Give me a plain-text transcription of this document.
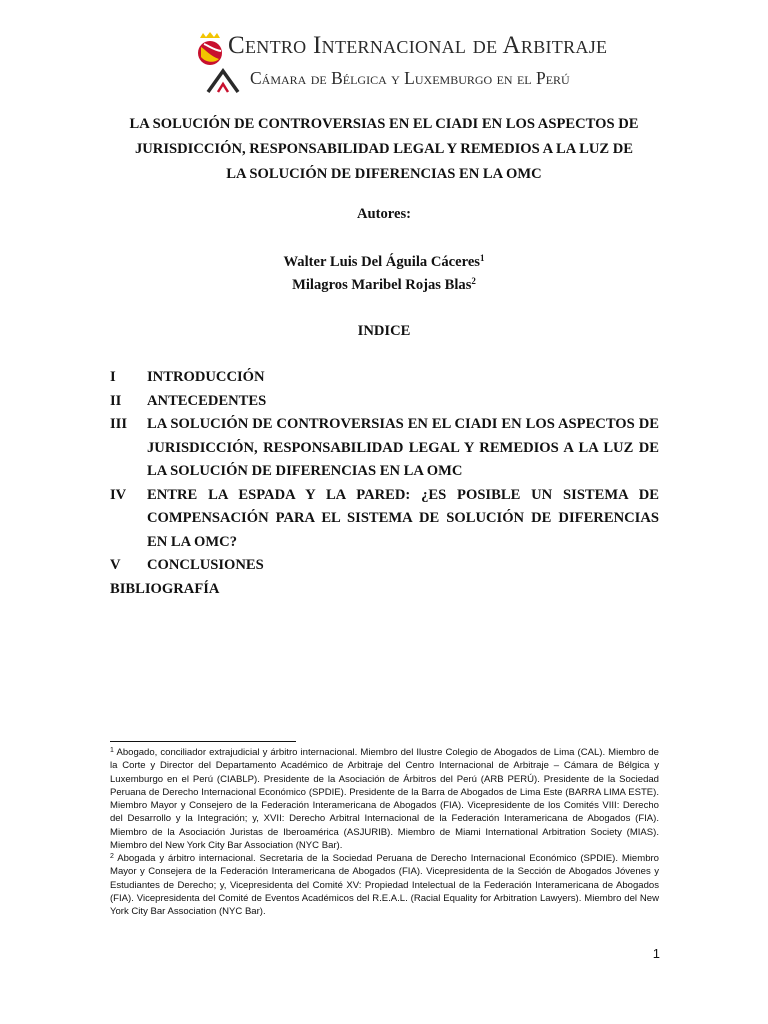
Centro Internacional de Arbitraje
Cámara de Bélgica y Luxemburgo en el Perú
LA SOLUCIÓN DE CONTROVERSIAS EN EL CIADI EN LOS ASPECTOS DE
JURISDICCIÓN, RESPONSABILIDAD LEGAL Y REMEDIOS A LA LUZ DE
LA SOLUCIÓN DE DIFERENCIAS EN LA OMC
Autores:
Walter Luis Del Águila Cáceres$^1$
Milagros Maribel Rojas Blas$^2$
INDICE
I	INTRODUCCIÓN
II	ANTECEDENTES
III	LA SOLUCIÓN DE CONTROVERSIAS EN EL CIADI EN LOS ASPECTOS DE JURISDICCIÓN, RESPONSABILIDAD LEGAL Y REMEDIOS A LA LUZ DE LA SOLUCIÓN DE DIFERENCIAS EN LA OMC
IV	ENTRE LA ESPADA Y LA PARED: ¿ES POSIBLE UN SISTEMA DE COMPENSACIÓN PARA EL SISTEMA DE SOLUCIÓN DE DIFERENCIAS EN LA OMC?
V	CONCLUSIONES
BIBLIOGRAFÍA

$^1$ Abogado, conciliador extrajudicial y árbitro internacional. Miembro del Ilustre Colegio de Abogados de Lima (CAL). Miembro de la Corte y Director del Departamento Académico de Arbitraje del Centro Internacional de Arbitraje – Cámara de Bélgica y Luxemburgo en el Perú (CIABLP). Presidente de la Asociación de Árbitros del Perú (ARB PERÚ). Presidente de la Sociedad Peruana de Derecho Internacional Económico (SPDIE). Presidente de la Barra de Abogados de Lima Este (BARRA LIMA ESTE). Miembro Mayor y Consejero de la Federación Interamericana de Abogados (FIA). Vicepresidente de los Comités VIII: Derecho del Desarrollo y la Integración; y, XVII: Derecho Arbitral Internacional de la Federación Interamericana de Abogados (FIA). Miembro de la Asociación Juristas de Iberoamérica (ASJURIB). Miembro de Miami International Arbitration Society (MIAS). Miembro del New York City Bar Association (NYC Bar).

$^2$ Abogada y árbitro internacional. Secretaria de la Sociedad Peruana de Derecho Internacional Económico (SPDIE). Miembro Mayor y Consejera de la Federación Interamericana de Abogados (FIA). Vicepresidenta de la Sección de Abogados Jóvenes y Estudiantes de Derecho; y, Vicepresidenta del Comité XV: Propiedad Intelectual de la Federación Interamericana de Abogados (FIA). Vicepresidenta del Comité de Eventos Académicos del R.E.A.L. (Racial Equality for Arbitration Lawyers). Miembro del New York City Bar Association (NYC Bar).

1
